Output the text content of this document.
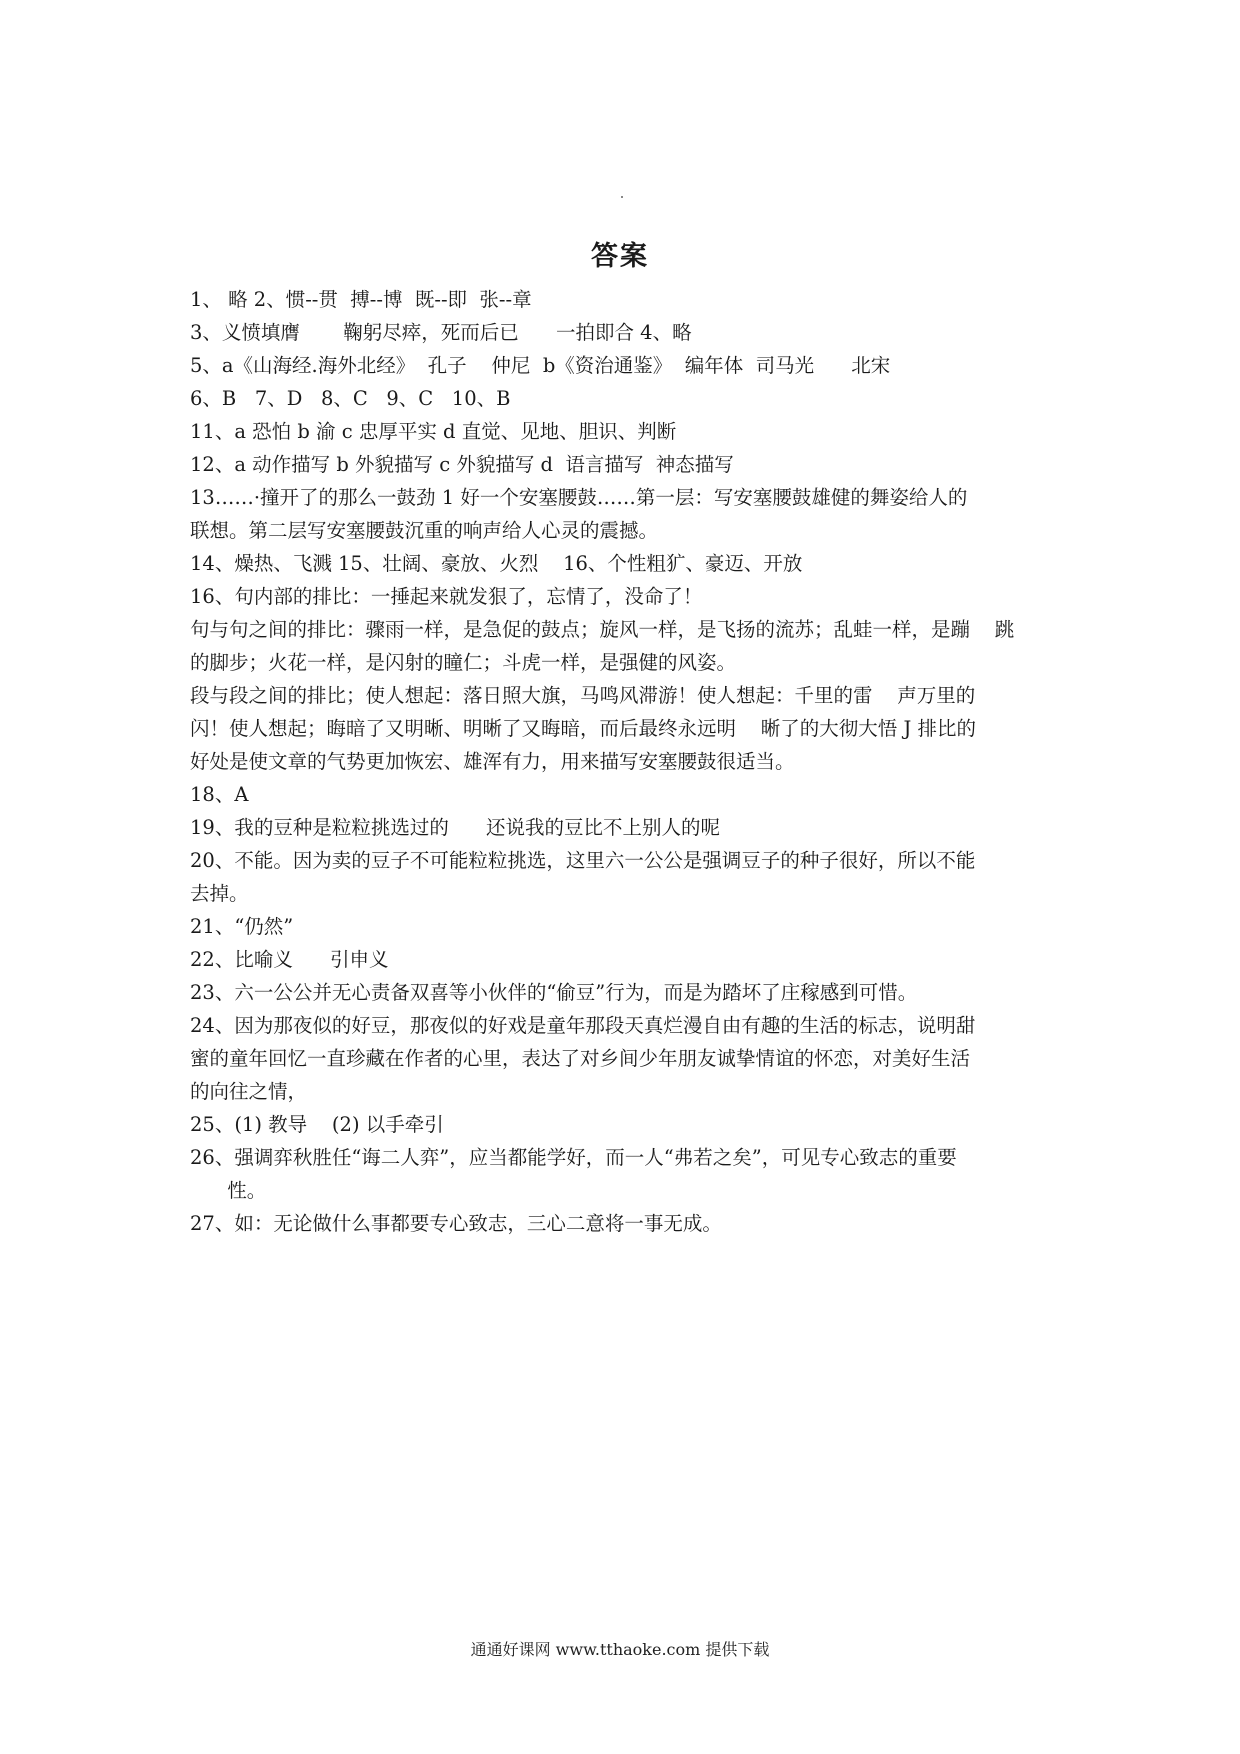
答案
1、 略 2、惯--贯  搏--博  既--即  张--章
3、义愤填膺       鞠躬尽瘁，死而后已      一拍即合 4、略
5、a《山海经.海外北经》  孔子    仲尼  b《资治通鉴》  编年体  司马光      北宋
6、B   7、D   8、C   9、C   10、B
11、a 恐怕 b 渝 c 忠厚平实 d 直觉、见地、胆识、判断
12、a 动作描写 b 外貌描写 c 外貌描写 d  语言描写  神态描写
13……·撞开了的那么一鼓劲 1 好一个安塞腰鼓……第一层：写安塞腰鼓雄健的舞姿给人的
联想。第二层写安塞腰鼓沉重的响声给人心灵的震撼。
14、燥热、飞溅 15、壮阔、豪放、火烈    16、个性粗犷、豪迈、开放
16、句内部的排比：一捶起来就发狠了，忘情了，没命了！
句与句之间的排比：骤雨一样，是急促的鼓点；旋风一样，是飞扬的流苏；乱蛙一样，是蹦    跳
的脚步；火花一样，是闪射的瞳仁；斗虎一样，是强健的风姿。
段与段之间的排比；使人想起：落日照大旗，马鸣风滞游！使人想起：千里的雷    声万里的
闪！使人想起；晦暗了又明晰、明晰了又晦暗，而后最终永远明    晰了的大彻大悟 J 排比的
好处是使文章的气势更加恢宏、雄浑有力，用来描写安塞腰鼓很适当。
18、A
19、我的豆种是粒粒挑选过的      还说我的豆比不上别人的呢
20、不能。因为卖的豆子不可能粒粒挑选，这里六一公公是强调豆子的种子很好，所以不能
去掉。
21、“仍然”
22、比喻义      引申义
23、六一公公并无心责备双喜等小伙伴的“偷豆”行为，而是为踏坏了庄稼感到可惜。
24、因为那夜似的好豆，那夜似的好戏是童年那段天真烂漫自由有趣的生活的标志，说明甜
蜜的童年回忆一直珍藏在作者的心里，表达了对乡间少年朋友诚挚情谊的怀恋，对美好生活
的向往之情，
25、(1) 教导    (2) 以手牵引
26、强调弈秋胜任“诲二人弈”，应当都能学好，而一人“弗若之矣”，可见专心致志的重要
性。
27、如：无论做什么事都要专心致志，三心二意将一事无成。
通通好课网 www.tthaoke.com 提供下载
